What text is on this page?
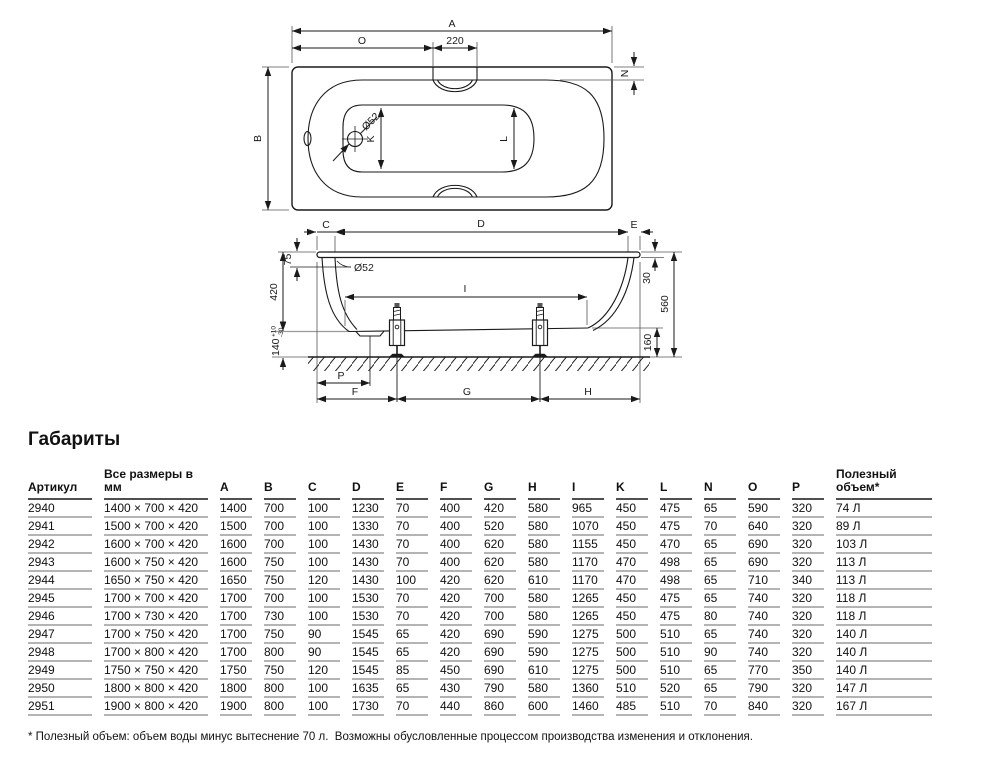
Ø52
K	L
A
O	220
B
N
C	D	E
Ø52
75
420
140+10-30
30
560
160
I
P
F	G	H
Габариты
Артикул	Все размеры в мм	A	B	C	D	E	F	G	H	I	K	L	N	O	P	Полезный объем*
2940	1400 × 700 × 420	1400	700	100	1230	70	400	420	580	965	450	475	65	590	320	74 Л
2941	1500 × 700 × 420	1500	700	100	1330	70	400	520	580	1070	450	475	70	640	320	89 Л
2942	1600 × 700 × 420	1600	700	100	1430	70	400	620	580	1155	450	470	65	690	320	103 Л
2943	1600 × 750 × 420	1600	750	100	1430	70	400	620	580	1170	470	498	65	690	320	113 Л
2944	1650 × 750 × 420	1650	750	120	1430	100	420	620	610	1170	470	498	65	710	340	113 Л
2945	1700 × 700 × 420	1700	700	100	1530	70	420	700	580	1265	450	475	65	740	320	118 Л
2946	1700 × 730 × 420	1700	730	100	1530	70	420	700	580	1265	450	475	80	740	320	118 Л
2947	1700 × 750 × 420	1700	750	90	1545	65	420	690	590	1275	500	510	65	740	320	140 Л
2948	1700 × 800 × 420	1700	800	90	1545	65	420	690	590	1275	500	510	90	740	320	140 Л
2949	1750 × 750 × 420	1750	750	120	1545	85	450	690	610	1275	500	510	65	770	350	140 Л
2950	1800 × 800 × 420	1800	800	100	1635	65	430	790	580	1360	510	520	65	790	320	147 Л
2951	1900 × 800 × 420	1900	800	100	1730	70	440	860	600	1460	485	510	70	840	320	167 Л
* Полезный объем: объем воды минус вытеснение 70 л.  Возможны обусловленные процессом производства изменения и отклонения.
